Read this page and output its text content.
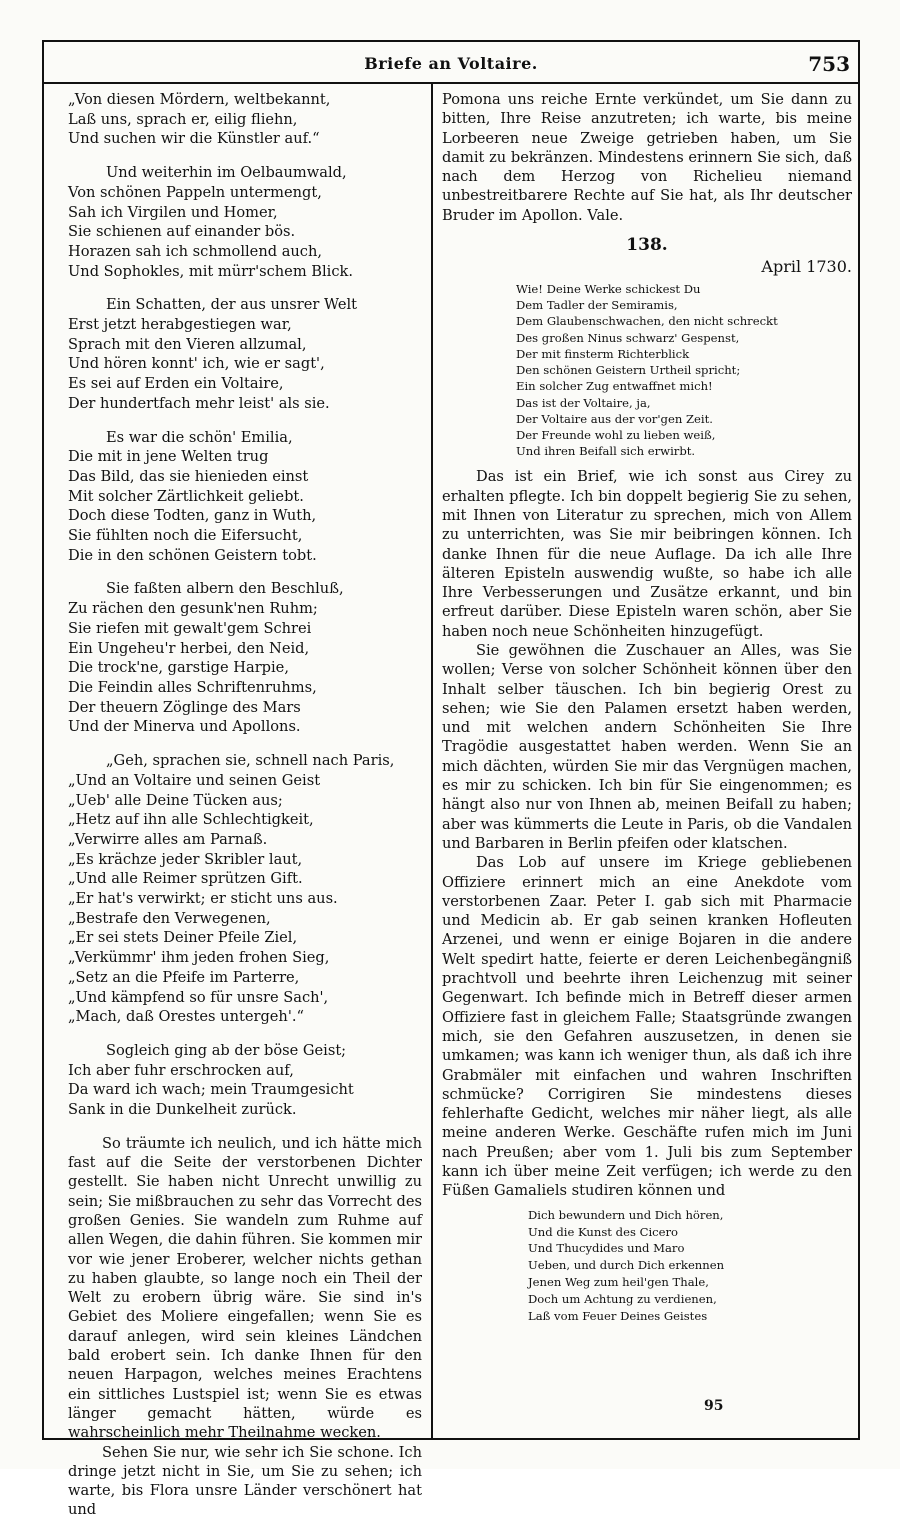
Briefe an Voltaire.	753
„Von diesen Mördern, weltbekannt,
Laß uns, sprach er, eilig fliehn,
Und suchen wir die Künstler auf.“
Und weiterhin im Oelbaumwald,
Von schönen Pappeln untermengt,
Sah ich Virgilen und Homer,
Sie schienen auf einander bös.
Horazen sah ich schmollend auch,
Und Sophokles, mit mürr'schem Blick.
Ein Schatten, der aus unsrer Welt
Erst jetzt herabgestiegen war,
Sprach mit den Vieren allzumal,
Und hören konnt' ich, wie er sagt',
Es sei auf Erden ein Voltaire,
Der hundertfach mehr leist' als sie.
Es war die schön' Emilia,
Die mit in jene Welten trug
Das Bild, das sie hienieden einst
Mit solcher Zärtlichkeit geliebt.
Doch diese Todten, ganz in Wuth,
Sie fühlten noch die Eifersucht,
Die in den schönen Geistern tobt.
Sie faßten albern den Beschluß,
Zu rächen den gesunk'nen Ruhm;
Sie riefen mit gewalt'gem Schrei
Ein Ungeheu'r herbei, den Neid,
Die trock'ne, garstige Harpie,
Die Feindin alles Schriftenruhms,
Der theuern Zöglinge des Mars
Und der Minerva und Apollons.
„Geh, sprachen sie, schnell nach Paris,
„Und an Voltaire und seinen Geist
„Ueb' alle Deine Tücken aus;
„Hetz auf ihn alle Schlechtigkeit,
„Verwirre alles am Parnaß.
„Es krächze jeder Skribler laut,
„Und alle Reimer sprützen Gift.
„Er hat's verwirkt; er sticht uns aus.
„Bestrafe den Verwegenen,
„Er sei stets Deiner Pfeile Ziel,
„Verkümmr' ihm jeden frohen Sieg,
„Setz an die Pfeife im Parterre,
„Und kämpfend so für unsre Sach',
„Mach, daß Orestes untergeh'.“
Sogleich ging ab der böse Geist;
Ich aber fuhr erschrocken auf,
Da ward ich wach; mein Traumgesicht
Sank in die Dunkelheit zurück.

So träumte ich neulich, und ich hätte mich fast auf die Seite der verstorbenen Dichter gestellt. Sie haben nicht Unrecht unwillig zu sein; Sie mißbrauchen zu sehr das Vorrecht des großen Genies. Sie wandeln zum Ruhme auf allen Wegen, die dahin führen. Sie kommen mir vor wie jener Eroberer, welcher nichts gethan zu haben glaubte, so lange noch ein Theil der Welt zu erobern übrig wäre. Sie sind in's Gebiet des Moliere eingefallen; wenn Sie es darauf anlegen, wird sein kleines Ländchen bald erobert sein. Ich danke Ihnen für den neuen Harpagon, welches meines Erachtens ein sittliches Lustspiel ist; wenn Sie es etwas länger gemacht hätten, würde es wahrscheinlich mehr Theilnahme wecken.

Sehen Sie nur, wie sehr ich Sie schone. Ich dringe jetzt nicht in Sie, um Sie zu sehen; ich warte, bis Flora unsre Länder verschönert hat und

Pomona uns reiche Ernte verkündet, um Sie dann zu bitten, Ihre Reise anzutreten; ich warte, bis meine Lorbeeren neue Zweige getrieben haben, um Sie damit zu bekränzen. Mindestens erinnern Sie sich, daß nach dem Herzog von Richelieu niemand unbestreitbarere Rechte auf Sie hat, als Ihr deutscher Bruder im Apollon. Vale.

138.
April 1730.
Wie! Deine Werke schickest Du
Dem Tadler der Semiramis,
Dem Glaubenschwachen, den nicht schreckt
Des großen Ninus schwarz' Gespenst,
Der mit finsterm Richterblick
Den schönen Geistern Urtheil spricht;
Ein solcher Zug entwaffnet mich!
Das ist der Voltaire, ja,
Der Voltaire aus der vor'gen Zeit.
Der Freunde wohl zu lieben weiß,
Und ihren Beifall sich erwirbt.

Das ist ein Brief, wie ich sonst aus Cirey zu erhalten pflegte. Ich bin doppelt begierig Sie zu sehen, mit Ihnen von Literatur zu sprechen, mich von Allem zu unterrichten, was Sie mir beibringen können. Ich danke Ihnen für die neue Auflage. Da ich alle Ihre älteren Episteln auswendig wußte, so habe ich alle Ihre Verbesserungen und Zusätze erkannt, und bin erfreut darüber. Diese Episteln waren schön, aber Sie haben noch neue Schönheiten hinzugefügt.

Sie gewöhnen die Zuschauer an Alles, was Sie wollen; Verse von solcher Schönheit können über den Inhalt selber täuschen. Ich bin begierig Orest zu sehen; wie Sie den Palamen ersetzt haben werden, und mit welchen andern Schönheiten Sie Ihre Tragödie ausgestattet haben werden. Wenn Sie an mich dächten, würden Sie mir das Vergnügen machen, es mir zu schicken. Ich bin für Sie eingenommen; es hängt also nur von Ihnen ab, meinen Beifall zu haben; aber was kümmerts die Leute in Paris, ob die Vandalen und Barbaren in Berlin pfeifen oder klatschen.

Das Lob auf unsere im Kriege gebliebenen Offiziere erinnert mich an eine Anekdote vom verstorbenen Zaar. Peter I. gab sich mit Pharmacie und Medicin ab. Er gab seinen kranken Hofleuten Arzenei, und wenn er einige Bojaren in die andere Welt spedirt hatte, feierte er deren Leichenbegängniß prachtvoll und beehrte ihren Leichenzug mit seiner Gegenwart. Ich befinde mich in Betreff dieser armen Offiziere fast in gleichem Falle; Staatsgründe zwangen mich, sie den Gefahren auszusetzen, in denen sie umkamen; was kann ich weniger thun, als daß ich ihre Grabmäler mit einfachen und wahren Inschriften schmücke? Corrigiren Sie mindestens dieses fehlerhafte Gedicht, welches mir näher liegt, als alle meine anderen Werke. Geschäfte rufen mich im Juni nach Preußen; aber vom 1. Juli bis zum September kann ich über meine Zeit verfügen; ich werde zu den Füßen Gamaliels studiren können und

Dich bewundern und Dich hören,
Und die Kunst des Cicero
Und Thucydides und Maro
Ueben, und durch Dich erkennen
Jenen Weg zum heil'gen Thale,
Doch um Achtung zu verdienen,
Laß vom Feuer Deines Geistes
95
